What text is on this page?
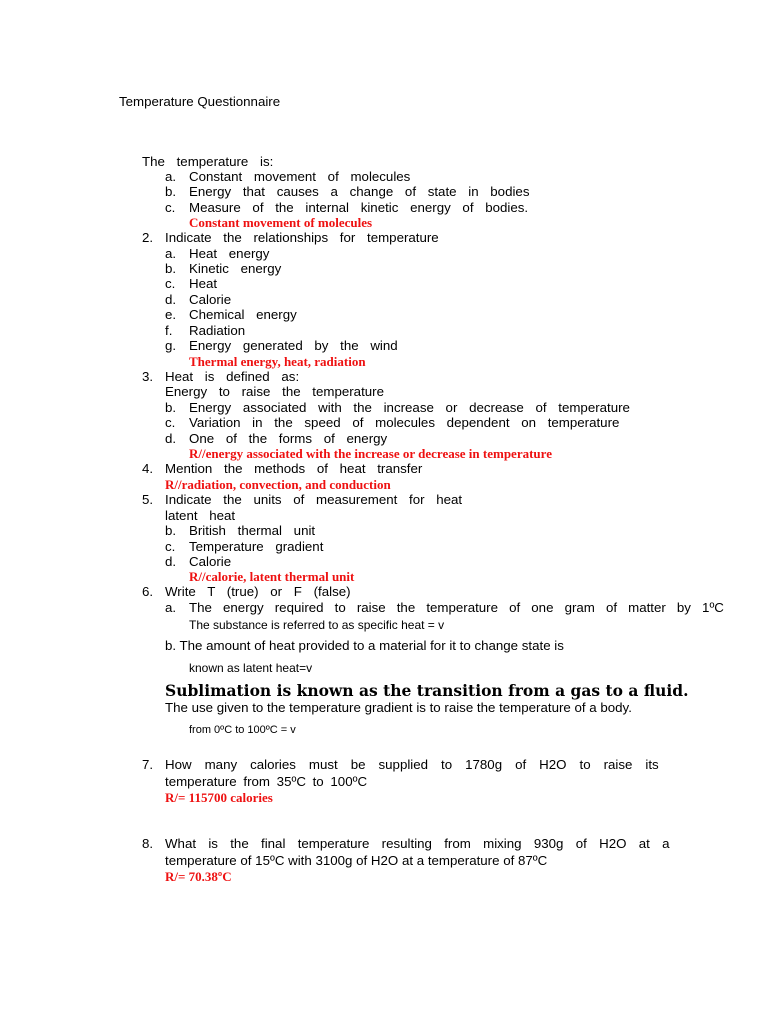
Temperature Questionnaire
The temperature is:
a. Constant movement of molecules
b. Energy that causes a change of state in bodies
c. Measure of the internal kinetic energy of bodies.
Constant movement of molecules
2. Indicate the relationships for temperature
a. Heat energy
b. Kinetic energy
c. Heat
d. Calorie
e. Chemical energy
f. Radiation
g. Energy generated by the wind
Thermal energy, heat, radiation
3. Heat is defined as:
Energy to raise the temperature
b. Energy associated with the increase or decrease of temperature
c. Variation in the speed of molecules dependent on temperature
d. One of the forms of energy
R//energy associated with the increase or decrease in temperature
4. Mention the methods of heat transfer
R//radiation, convection, and conduction
5. Indicate the units of measurement for heat
latent heat
b. British thermal unit
c. Temperature gradient
d. Calorie
R//calorie, latent thermal unit
6. Write T (true) or F (false)
a. The energy required to raise the temperature of one gram of matter by 1ºC
The substance is referred to as specific heat = v
b. The amount of heat provided to a material for it to change state is
known as latent heat=v
Sublimation is known as the transition from a gas to a fluid.
The use given to the temperature gradient is to raise the temperature of a body.
from 0ºC to 100ºC = v
7. How many calories must be supplied to 1780g of H2O to raise its
temperature from 35ºC to 100ºC
R/= 115700 calories
8. What is the final temperature resulting from mixing 930g of H2O at a
temperature of 15ºC with 3100g of H2O at a temperature of 87ºC
R/= 70.38ºC
